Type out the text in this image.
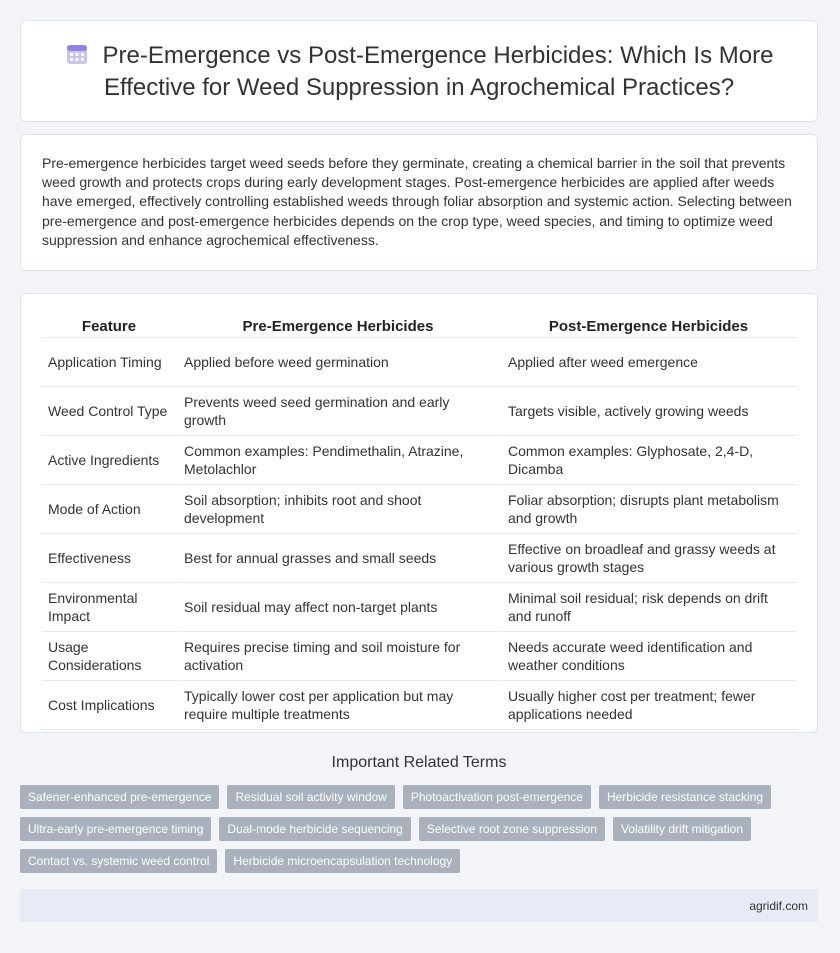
Pre-Emergence vs Post-Emergence Herbicides: Which Is More
Effective for Weed Suppression in Agrochemical Practices?

Pre-emergence herbicides target weed seeds before they germinate, creating a chemical barrier in the soil that prevents weed growth and protects crops during early development stages. Post-emergence herbicides are applied after weeds have emerged, effectively controlling established weeds through foliar absorption and systemic action. Selecting between pre-emergence and post-emergence herbicides depends on the crop type, weed species, and timing to optimize weed suppression and enhance agrochemical effectiveness.

Feature	Pre-Emergence Herbicides	Post-Emergence Herbicides
Application Timing	Applied before weed germination	Applied after weed emergence
Weed Control Type	Prevents weed seed germination and early growth	Targets visible, actively growing weeds
Active Ingredients	Common examples: Pendimethalin, Atrazine, Metolachlor	Common examples: Glyphosate, 2,4-D, Dicamba
Mode of Action	Soil absorption; inhibits root and shoot development	Foliar absorption; disrupts plant metabolism and growth
Effectiveness	Best for annual grasses and small seeds	Effective on broadleaf and grassy weeds at various growth stages
Environmental Impact	Soil residual may affect non-target plants	Minimal soil residual; risk depends on drift and runoff
Usage Considerations	Requires precise timing and soil moisture for activation	Needs accurate weed identification and weather conditions
Cost Implications	Typically lower cost per application but may require multiple treatments	Usually higher cost per treatment; fewer applications needed
Important Related Terms
Safener-enhanced pre-emergence	Residual soil activity window	Photoactivation post-emergence	Herbicide resistance stacking
Ultra-early pre-emergence timing	Dual-mode herbicide sequencing	Selective root zone suppression	Volatility drift mitigation
Contact vs. systemic weed control	Herbicide microencapsulation technology
agridif.com
